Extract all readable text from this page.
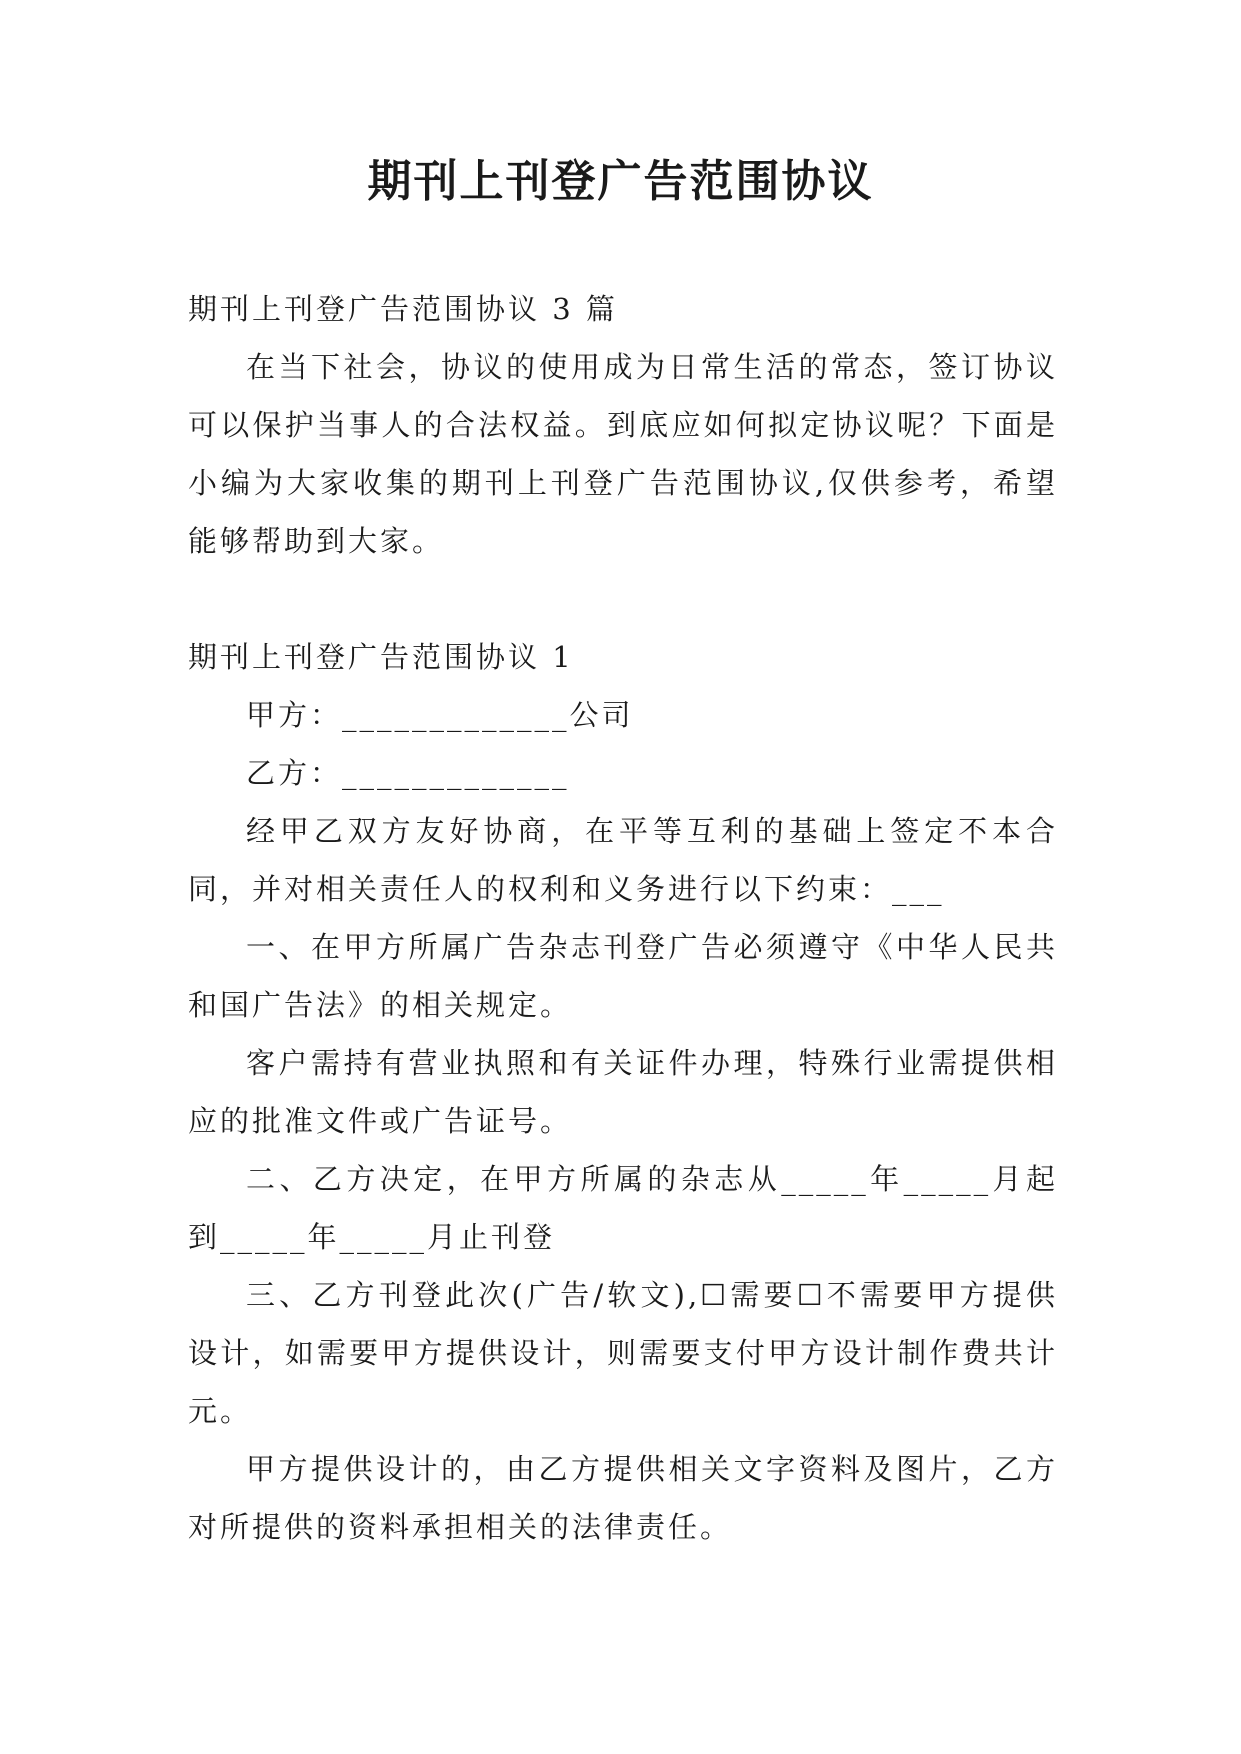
期刊上刊登广告范围协议

期刊上刊登广告范围协议 3 篇

在当下社会，协议的使用成为日常生活的常态，签订协议可以保护当事人的合法权益。到底应如何拟定协议呢？下面是小编为大家收集的期刊上刊登广告范围协议,仅供参考，希望能够帮助到大家。

期刊上刊登广告范围协议 1

甲方：_____________公司

乙方：_____________

经甲乙双方友好协商，在平等互利的基础上签定不本合同，并对相关责任人的权利和义务进行以下约束：___

一、在甲方所属广告杂志刊登广告必须遵守《中华人民共和国广告法》的相关规定。

客户需持有营业执照和有关证件办理，特殊行业需提供相应的批准文件或广告证号。

二、乙方决定，在甲方所属的杂志从_____年_____月起到_____年_____月止刊登

三、乙方刊登此次(广告/软文),☐需要☐不需要甲方提供设计，如需要甲方提供设计，则需要支付甲方设计制作费共计元。

甲方提供设计的，由乙方提供相关文字资料及图片，乙方对所提供的资料承担相关的法律责任。
